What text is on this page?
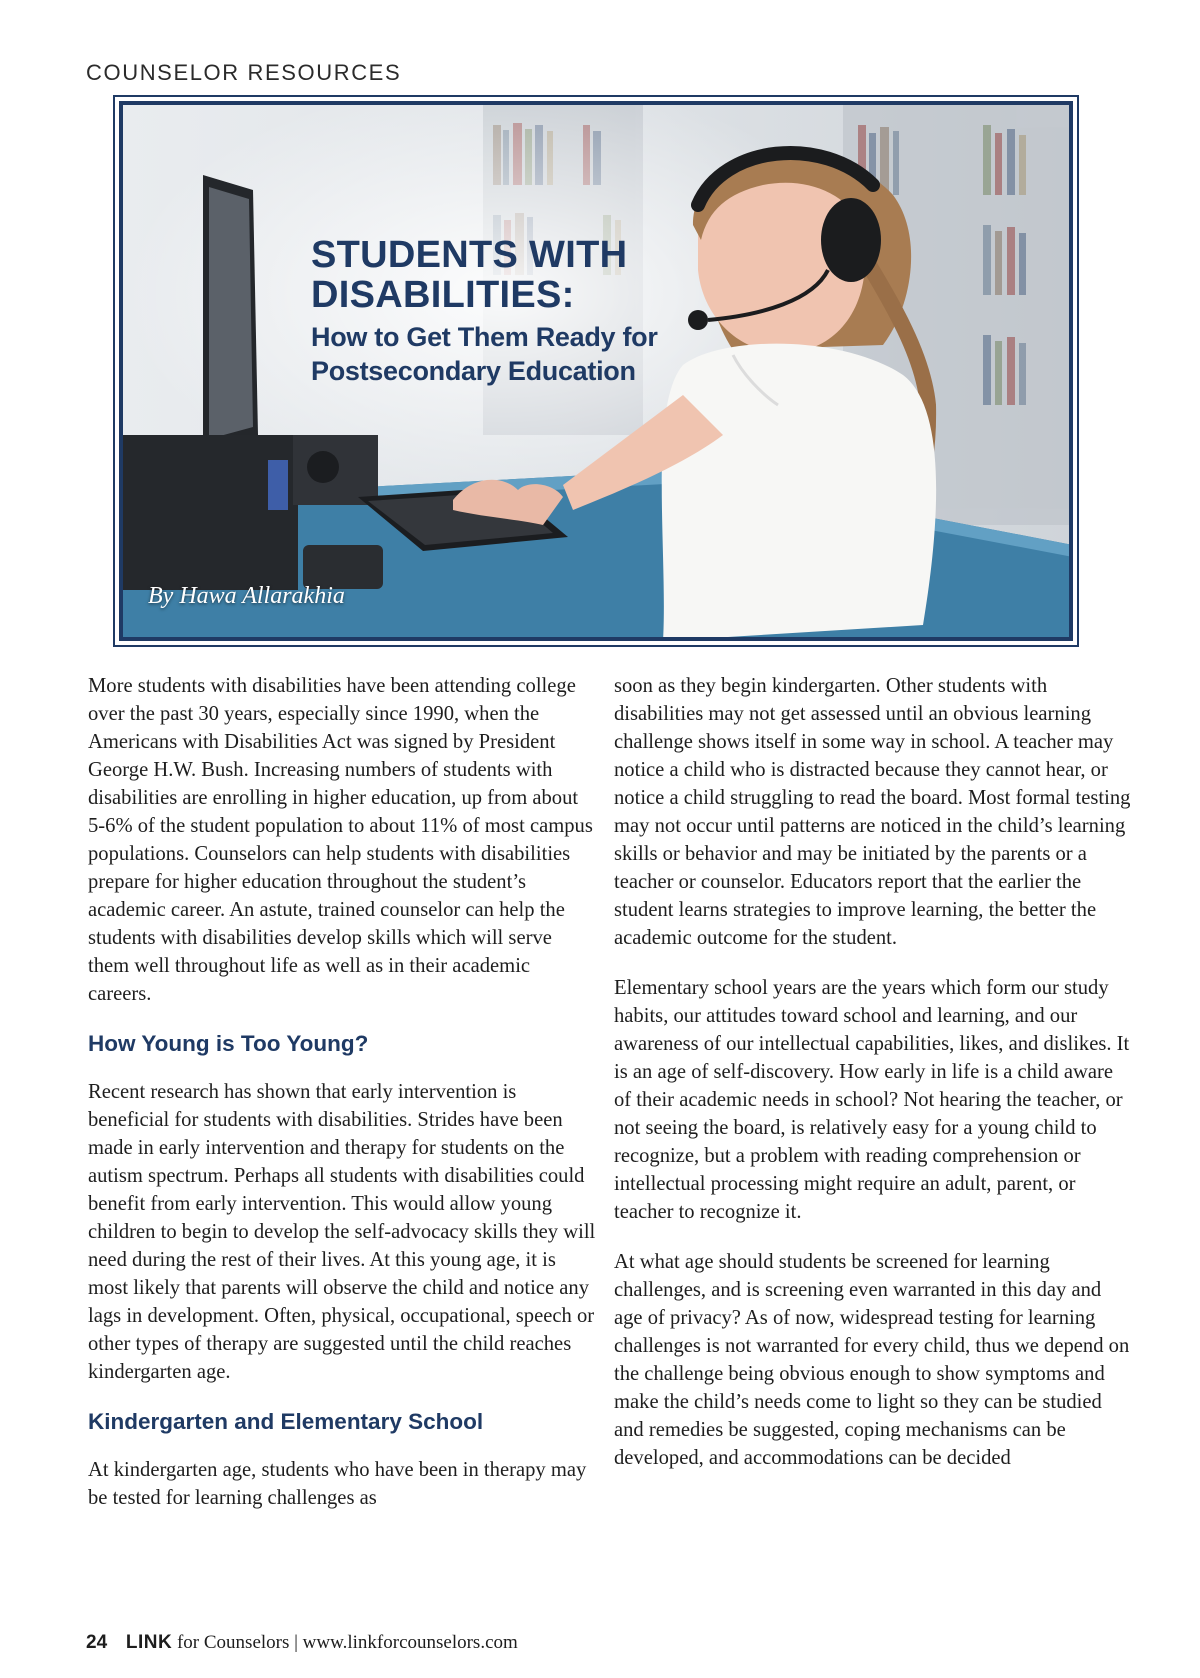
COUNSELOR RESOURCES
STUDENTS WITH
DISABILITIES:
How to Get Them Ready for
Postsecondary Education
By Hawa Allarakhia

More students with disabilities have been attending college over the past 30 years, especially since 1990, when the Americans with Disabilities Act was signed by President George H.W. Bush. Increasing numbers of students with disabilities are enrolling in higher education, up from about 5-6% of the student population to about 11% of most campus populations. Counselors can help students with disabilities prepare for higher education throughout the student’s academic career. An astute, trained counselor can help the students with disabilities develop skills which will serve them well throughout life as well as in their academic careers.

How Young is Too Young?

Recent research has shown that early intervention is beneficial for students with disabilities. Strides have been made in early intervention and therapy for students on the autism spectrum. Perhaps all students with disabilities could benefit from early intervention. This would allow young children to begin to develop the self-advocacy skills they will need during the rest of their lives. At this young age, it is most likely that parents will observe the child and notice any lags in development. Often, physical, occupational, speech or other types of therapy are suggested until the child reaches kindergarten age.

Kindergarten and Elementary School

At kindergarten age, students who have been in therapy may be tested for learning challenges as

soon as they begin kindergarten. Other students with disabilities may not get assessed until an obvious learning challenge shows itself in some way in school. A teacher may notice a child who is distracted because they cannot hear, or notice a child struggling to read the board. Most formal testing may not occur until patterns are noticed in the child’s learning skills or behavior and may be initiated by the parents or a teacher or counselor. Educators report that the earlier the student learns strategies to improve learning, the better the academic outcome for the student.

Elementary school years are the years which form our study habits, our attitudes toward school and learning, and our awareness of our intellectual capabilities, likes, and dislikes. It is an age of self-discovery. How early in life is a child aware of their academic needs in school? Not hearing the teacher, or not seeing the board, is relatively easy for a young child to recognize, but a problem with reading comprehension or intellectual processing might require an adult, parent, or teacher to recognize it.

At what age should students be screened for learning challenges, and is screening even warranted in this day and age of privacy? As of now, widespread testing for learning challenges is not warranted for every child, thus we depend on the challenge being obvious enough to show symptoms and make the child’s needs come to light so they can be studied and remedies be suggested, coping mechanisms can be developed, and accommodations can be decided

24 LINK for Counselors | www.linkforcounselors.com
